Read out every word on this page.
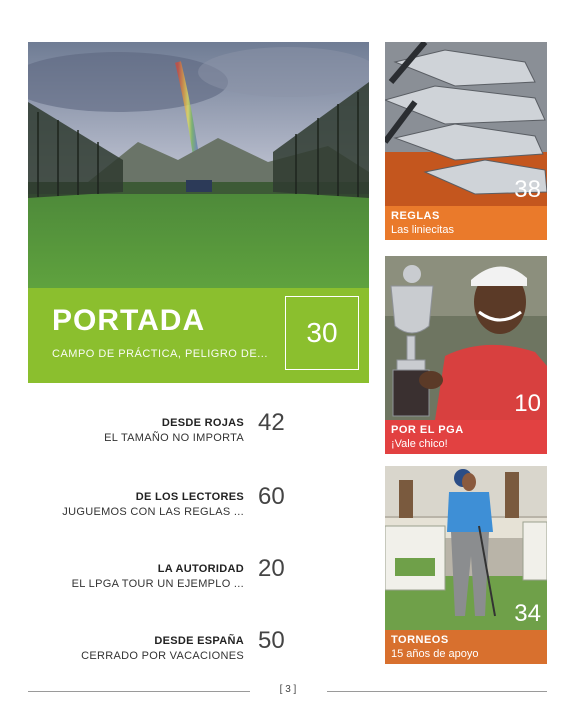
PORTADA
CAMPO DE PRÁCTICA, PELIGRO DE...
30
38
REGLAS
Las liniecitas
10
POR EL PGA
¡Vale chico!
34
TORNEOS
15 años de apoyo
DESDE ROJAS
EL TAMAÑO NO IMPORTA
42
DE LOS LECTORES
JUGUEMOS CON LAS REGLAS ...
60
LA AUTORIDAD
EL LPGA TOUR UN EJEMPLO ...
20
DESDE ESPAÑA
CERRADO POR VACACIONES
50
[ 3 ]
